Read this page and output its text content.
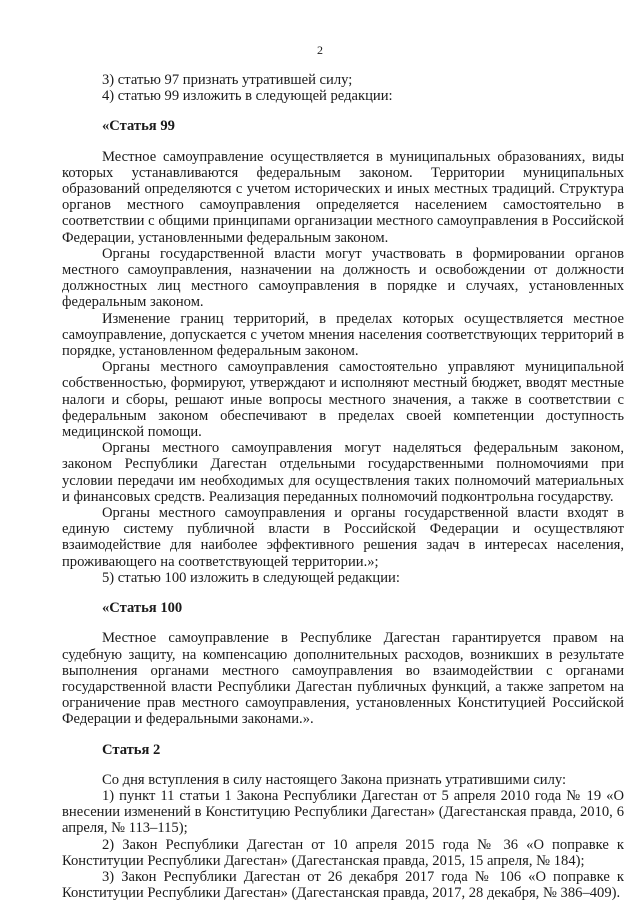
2

3) статью 97 признать утратившей силу;

4) статью 99 изложить в следующей редакции:

«Статья 99

Местное самоуправление осуществляется в муниципальных образованиях, виды которых устанавливаются федеральным законом. Территории муниципальных образований определяются с учетом исторических и иных местных традиций. Структура органов местного самоуправления определяется населением самостоятельно в соответствии с общими принципами организации местного самоуправления в Российской Федерации, установленными федеральным законом.

Органы государственной власти могут участвовать в формировании органов местного самоуправления, назначении на должность и освобождении от должности должностных лиц местного самоуправления в порядке и случаях, установленных федеральным законом.

Изменение границ территорий, в пределах которых осуществляется местное самоуправление, допускается с учетом мнения населения соответствующих территорий в порядке, установленном федеральным законом.

Органы местного самоуправления самостоятельно управляют муниципальной собственностью, формируют, утверждают и исполняют местный бюджет, вводят местные налоги и сборы, решают иные вопросы местного значения, а также в соответствии с федеральным законом обеспечивают в пределах своей компетенции доступность медицинской помощи.

Органы местного самоуправления могут наделяться федеральным законом, законом Республики Дагестан отдельными государственными полномочиями при условии передачи им необходимых для осуществления таких полномочий материальных и финансовых средств. Реализация переданных полномочий подконтрольна государству.

Органы местного самоуправления и органы государственной власти входят в единую систему публичной власти в Российской Федерации и осуществляют взаимодействие для наиболее эффективного решения задач в интересах населения, проживающего на соответствующей территории.»;

5) статью 100 изложить в следующей редакции:

«Статья 100

Местное самоуправление в Республике Дагестан гарантируется правом на судебную защиту, на компенсацию дополнительных расходов, возникших в результате выполнения органами местного самоуправления во взаимодействии с органами государственной власти Республики Дагестан публичных функций, а также запретом на ограничение прав местного самоуправления, установленных Конституцией Российской Федерации и федеральными законами.».

Статья 2

Со дня вступления в силу настоящего Закона признать утратившими силу:

1) пункт 11 статьи 1 Закона Республики Дагестан от 5 апреля 2010 года № 19 «О внесении изменений в Конституцию Республики Дагестан» (Дагестанская правда, 2010, 6 апреля, № 113–115);

2) Закон Республики Дагестан от 10 апреля 2015 года № 36 «О поправке к Конституции Республики Дагестан» (Дагестанская правда, 2015, 15 апреля, № 184);

3) Закон Республики Дагестан от 26 декабря 2017 года № 106 «О поправке к Конституции Республики Дагестан» (Дагестанская правда, 2017, 28 декабря, № 386–409).
